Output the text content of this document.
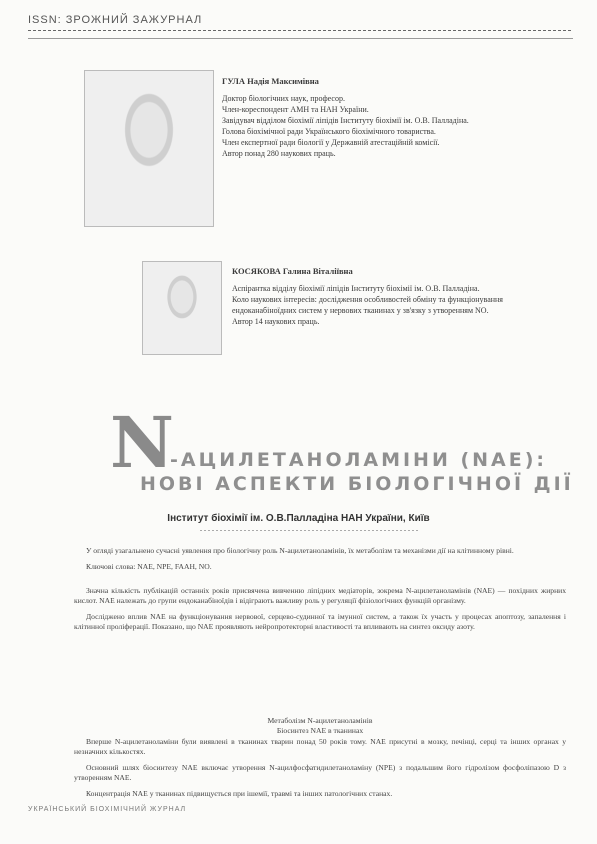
ISSN: ЗРОЖНИЙ ЗАЖУРНАЛ
ГУЛА Надія Максимівна

Доктор біологічних наук, професор.

Член-кореспондент АМН та НАН України.

Завідувач відділом біохімії ліпідів Інституту біохімії ім. О.В. Палладіна.

Голова біохімічної ради Українського біохімічного товариства.

Член експертної ради біології у Державній атестаційній комісії.

Автор понад 280 наукових праць.

КОСЯКОВА Галина Віталіївна

Аспірантка відділу біохімії ліпідів Інституту біохімії ім. О.В. Палладіна.

Коло наукових інтересів: дослідження особливостей обміну та функціонування ендоканабіноїдних систем у нервових тканинах у зв'язку з утворенням NO.

Автор 14 наукових праць.

N
-АЦИЛЕТАНОЛАМІНИ (NAE):
НОВІ АСПЕКТИ БІОЛОГІЧНОЇ ДІЇ
Інститут біохімії ім. О.В.Палладіна НАН України, Київ

У огляді узагальнено сучасні уявлення про біологічну роль N-ацилетаноламінів, їх метаболізм та механізми дії на клітинному рівні.

Ключові слова: NAE, NPE, FAAH, NO.

Значна кількість публікацій останніх років присвячена вивченню ліпідних медіаторів, зокрема N-ацилетаноламінів (NAE) — похідних жирних кислот. NAE належать до групи ендоканабіноїдів і відіграють важливу роль у регуляції фізіологічних функцій організму.

Досліджено вплив NAE на функціонування нервової, серцево-судинної та імунної систем, а також їх участь у процесах апоптозу, запалення і клітинної проліферації. Показано, що NAE проявляють нейропротекторні властивості та впливають на синтез оксиду азоту.

Метаболізм N-ацилетаноламінів
Біосинтез NAE в тканинах

Вперше N-ацилетаноламіни були виявлені в тканинах тварин понад 50 років тому. NAE присутні в мозку, печінці, серці та інших органах у незначних кількостях.

Основний шлях біосинтезу NAE включає утворення N-ацилфосфатидилетаноламіну (NPE) з подальшим його гідролізом фосфоліпазою D з утворенням NAE.

Концентрація NAE у тканинах підвищується при ішемії, травмі та інших патологічних станах.

УКРАЇНСЬКИЙ БІОХІМІЧНИЙ ЖУРНАЛ
